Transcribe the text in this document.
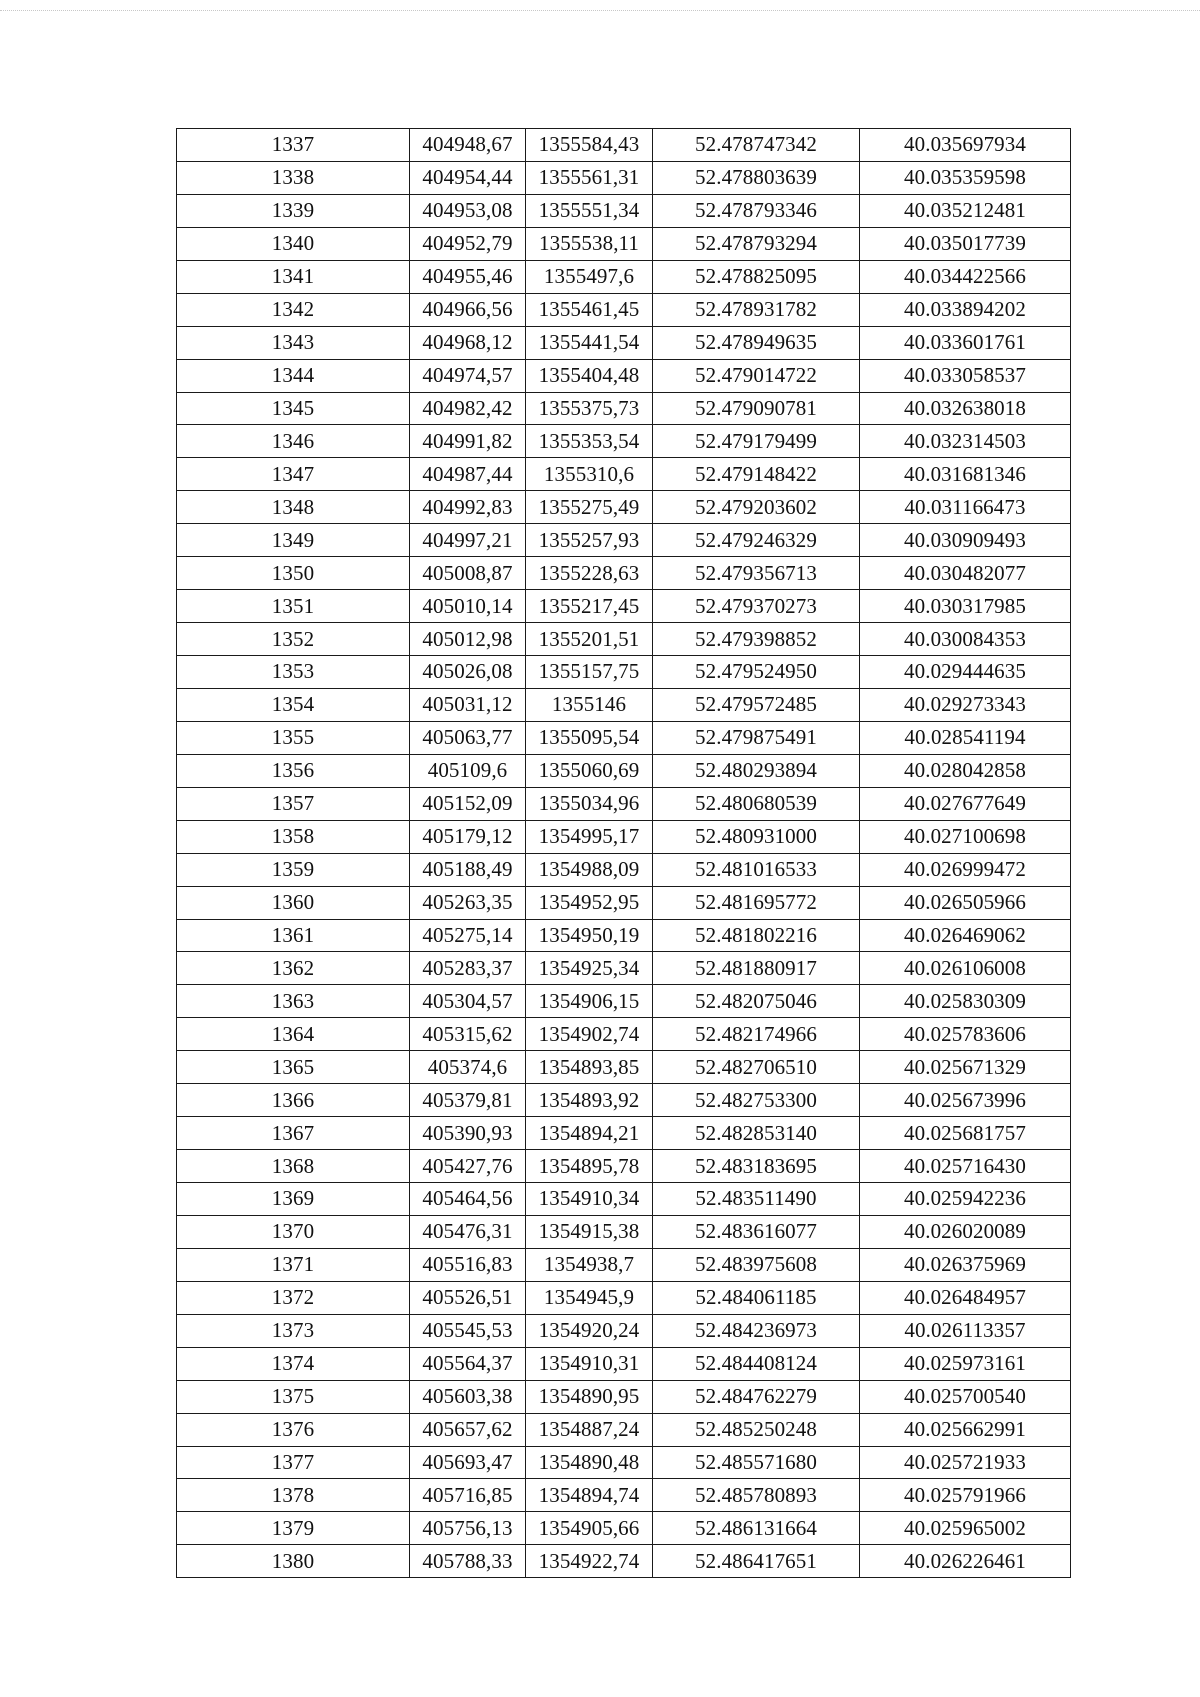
1337	404948,67	1355584,43	52.478747342	40.035697934
1338	404954,44	1355561,31	52.478803639	40.035359598
1339	404953,08	1355551,34	52.478793346	40.035212481
1340	404952,79	1355538,11	52.478793294	40.035017739
1341	404955,46	1355497,6	52.478825095	40.034422566
1342	404966,56	1355461,45	52.478931782	40.033894202
1343	404968,12	1355441,54	52.478949635	40.033601761
1344	404974,57	1355404,48	52.479014722	40.033058537
1345	404982,42	1355375,73	52.479090781	40.032638018
1346	404991,82	1355353,54	52.479179499	40.032314503
1347	404987,44	1355310,6	52.479148422	40.031681346
1348	404992,83	1355275,49	52.479203602	40.031166473
1349	404997,21	1355257,93	52.479246329	40.030909493
1350	405008,87	1355228,63	52.479356713	40.030482077
1351	405010,14	1355217,45	52.479370273	40.030317985
1352	405012,98	1355201,51	52.479398852	40.030084353
1353	405026,08	1355157,75	52.479524950	40.029444635
1354	405031,12	1355146	52.479572485	40.029273343
1355	405063,77	1355095,54	52.479875491	40.028541194
1356	405109,6	1355060,69	52.480293894	40.028042858
1357	405152,09	1355034,96	52.480680539	40.027677649
1358	405179,12	1354995,17	52.480931000	40.027100698
1359	405188,49	1354988,09	52.481016533	40.026999472
1360	405263,35	1354952,95	52.481695772	40.026505966
1361	405275,14	1354950,19	52.481802216	40.026469062
1362	405283,37	1354925,34	52.481880917	40.026106008
1363	405304,57	1354906,15	52.482075046	40.025830309
1364	405315,62	1354902,74	52.482174966	40.025783606
1365	405374,6	1354893,85	52.482706510	40.025671329
1366	405379,81	1354893,92	52.482753300	40.025673996
1367	405390,93	1354894,21	52.482853140	40.025681757
1368	405427,76	1354895,78	52.483183695	40.025716430
1369	405464,56	1354910,34	52.483511490	40.025942236
1370	405476,31	1354915,38	52.483616077	40.026020089
1371	405516,83	1354938,7	52.483975608	40.026375969
1372	405526,51	1354945,9	52.484061185	40.026484957
1373	405545,53	1354920,24	52.484236973	40.026113357
1374	405564,37	1354910,31	52.484408124	40.025973161
1375	405603,38	1354890,95	52.484762279	40.025700540
1376	405657,62	1354887,24	52.485250248	40.025662991
1377	405693,47	1354890,48	52.485571680	40.025721933
1378	405716,85	1354894,74	52.485780893	40.025791966
1379	405756,13	1354905,66	52.486131664	40.025965002
1380	405788,33	1354922,74	52.486417651	40.026226461
